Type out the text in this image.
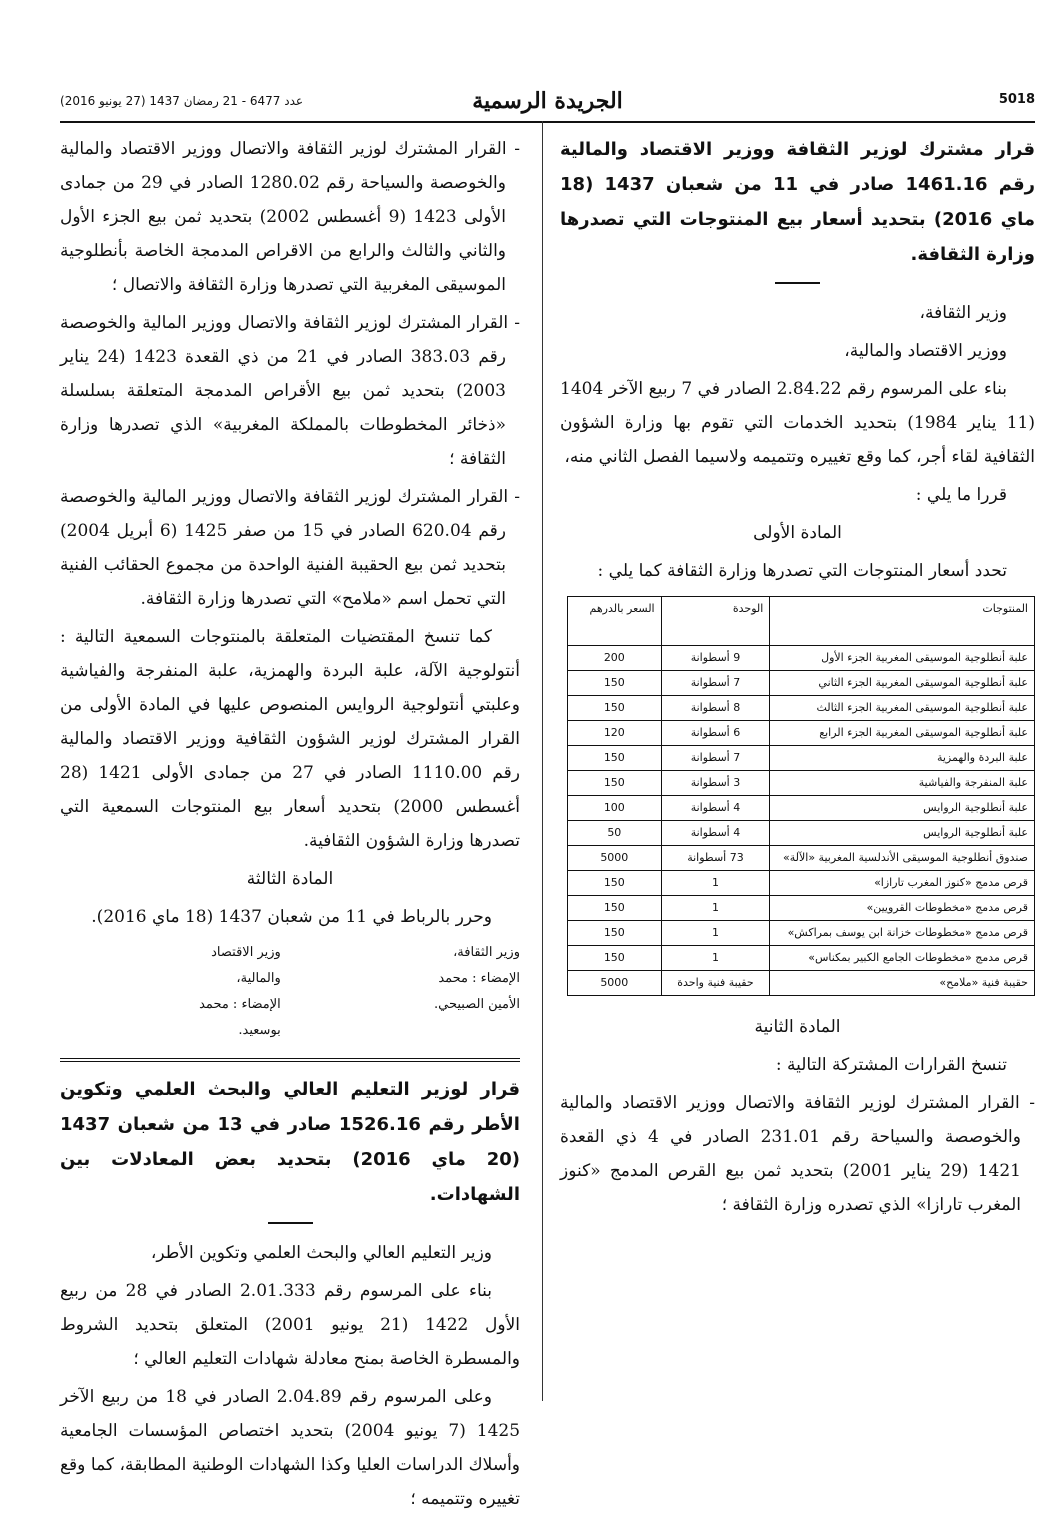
5018
الجريدة الرسمية
عدد 6477 - 21 رمضان 1437 (27 يونيو 2016)
قرار مشترك لوزير الثقافة ووزير الاقتصاد والمالية رقم 1461.16 صادر في 11 من شعبان 1437 (18 ماي 2016) بتحديد أسعار بيع المنتوجات التي تصدرها وزارة الثقافة.

وزير الثقافة،

ووزير الاقتصاد والمالية،

بناء على المرسوم رقم 2.84.22 الصادر في 7 ربيع الآخر 1404 (11 يناير 1984) بتحديد الخدمات التي تقوم بها وزارة الشؤون الثقافية لقاء أجر، كما وقع تغييره وتتميمه ولاسيما الفصل الثاني منه،

قررا ما يلي :

المادة الأولى

تحدد أسعار المنتوجات التي تصدرها وزارة الثقافة كما يلي :

المنتوجات	الوحدة	السعر بالدرهم
علبة أنطلوجية الموسيقى المغربية الجزء الأول	9 أسطوانة	200
علبة أنطلوجية الموسيقى المغربية الجزء الثاني	7 أسطوانة	150
علبة أنطلوجية الموسيقى المغربية الجزء الثالث	8 أسطوانة	150
علبة أنطلوجية الموسيقى المغربية الجزء الرابع	6 أسطوانة	120
علبة البردة والهمزية	7 أسطوانة	150
علبة المنفرجة والفياشية	3 أسطوانة	150
علبة أنطلوجية الروايس	4 أسطوانة	100
علبة أنطلوجية الروايس	4 أسطوانة	50
صندوق أنطلوجية الموسيقى الأندلسية المغربية «الآلة»	73 أسطوانة	5000
قرص مدمج «كنوز المغرب تارازا»	1	150
قرص مدمج «مخطوطات القرويين»	1	150
قرص مدمج «مخطوطات خزانة ابن يوسف بمراكش»	1	150
قرص مدمج «مخطوطات الجامع الكبير بمكناس»	1	150
حقيبة فنية «ملامح»	حقيبة فنية واحدة	5000
المادة الثانية

تنسخ القرارات المشتركة التالية :

- القرار المشترك لوزير الثقافة والاتصال ووزير الاقتصاد والمالية والخوصصة والسياحة رقم 231.01 الصادر في 4 ذي القعدة 1421 (29 يناير 2001) بتحديد ثمن بيع القرص المدمج «كنوز المغرب تارازا» الذي تصدره وزارة الثقافة ؛

- القرار المشترك لوزير الثقافة والاتصال ووزير الاقتصاد والمالية والخوصصة والسياحة رقم 1280.02 الصادر في 29 من جمادى الأولى 1423 (9 أغسطس 2002) بتحديد ثمن بيع الجزء الأول والثاني والثالث والرابع من الاقراص المدمجة الخاصة بأنطلوجية الموسيقى المغربية التي تصدرها وزارة الثقافة والاتصال ؛

- القرار المشترك لوزير الثقافة والاتصال ووزير المالية والخوصصة رقم 383.03 الصادر في 21 من ذي القعدة 1423 (24 يناير 2003) بتحديد ثمن بيع الأقراص المدمجة المتعلقة بسلسلة «ذخائر المخطوطات بالمملكة المغربية» الذي تصدرها وزارة الثقافة ؛

- القرار المشترك لوزير الثقافة والاتصال ووزير المالية والخوصصة رقم 620.04 الصادر في 15 من صفر 1425 (6 أبريل 2004) بتحديد ثمن بيع الحقيبة الفنية الواحدة من مجموع الحقائب الفنية التي تحمل اسم «ملامح» التي تصدرها وزارة الثقافة.

كما تنسخ المقتضيات المتعلقة بالمنتوجات السمعية التالية : أنتولوجية الآلة، علبة البردة والهمزية، علبة المنفرجة والفياشية وعلبتي أنتولوجية الروايس المنصوص عليها في المادة الأولى من القرار المشترك لوزير الشؤون الثقافية ووزير الاقتصاد والمالية رقم 1110.00 الصادر في 27 من جمادى الأولى 1421 (28 أغسطس 2000) بتحديد أسعار بيع المنتوجات السمعية التي تصدرها وزارة الشؤون الثقافية.

المادة الثالثة

وحرر بالرباط في 11 من شعبان 1437 (18 ماي 2016).

وزير الثقافة،
الإمضاء : محمد الأمين الصبيحي.
وزير الاقتصاد والمالية،
الإمضاء : محمد بوسعيد.
قرار لوزير التعليم العالي والبحث العلمي وتكوين الأطر رقم 1526.16 صادر في 13 من شعبان 1437 (20 ماي 2016) بتحديد بعض المعادلات بين الشهادات.

وزير التعليم العالي والبحث العلمي وتكوين الأطر،

بناء على المرسوم رقم 2.01.333 الصادر في 28 من ربيع الأول 1422 (21 يونيو 2001) المتعلق بتحديد الشروط والمسطرة الخاصة بمنح معادلة شهادات التعليم العالي ؛

وعلى المرسوم رقم 2.04.89 الصادر في 18 من ربيع الآخر 1425 (7 يونيو 2004) بتحديد اختصاص المؤسسات الجامعية وأسلاك الدراسات العليا وكذا الشهادات الوطنية المطابقة، كما وقع تغييره وتتميمه ؛
